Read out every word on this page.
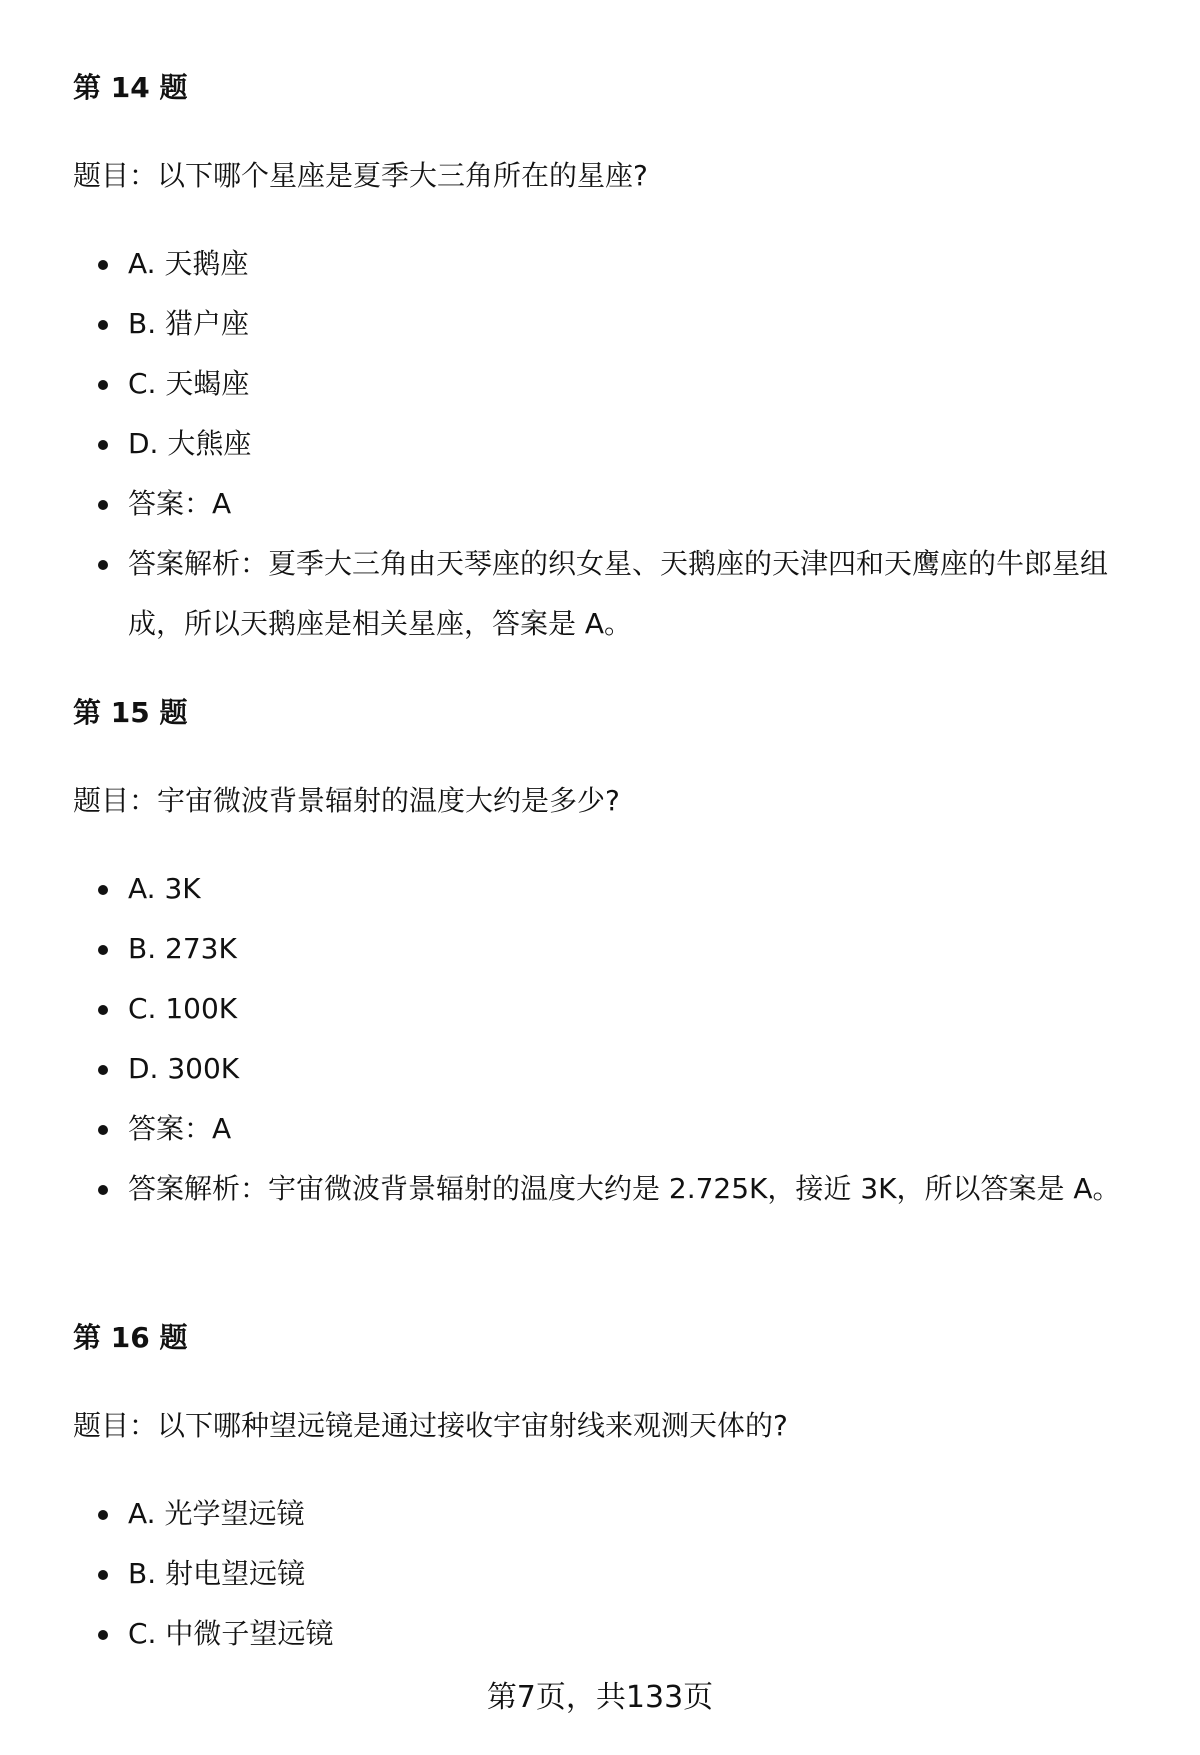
第 14 题

题目：以下哪个星座是夏季大三角所在的星座?

A. 天鹅座
B. 猎户座
C. 天蝎座
D. 大熊座
答案：A
答案解析：夏季大三角由天琴座的织女星、天鹅座的天津四和天鹰座的牛郎星组成，所以天鹅座是相关星座，答案是 A。
第 15 题

题目：宇宙微波背景辐射的温度大约是多少?

A. 3K
B. 273K
C. 100K
D. 300K
答案：A
答案解析：宇宙微波背景辐射的温度大约是 2.725K，接近 3K，所以答案是 A。
第 16 题

题目：以下哪种望远镜是通过接收宇宙射线来观测天体的?

A. 光学望远镜
B. 射电望远镜
C. 中微子望远镜
第7页，共133页
